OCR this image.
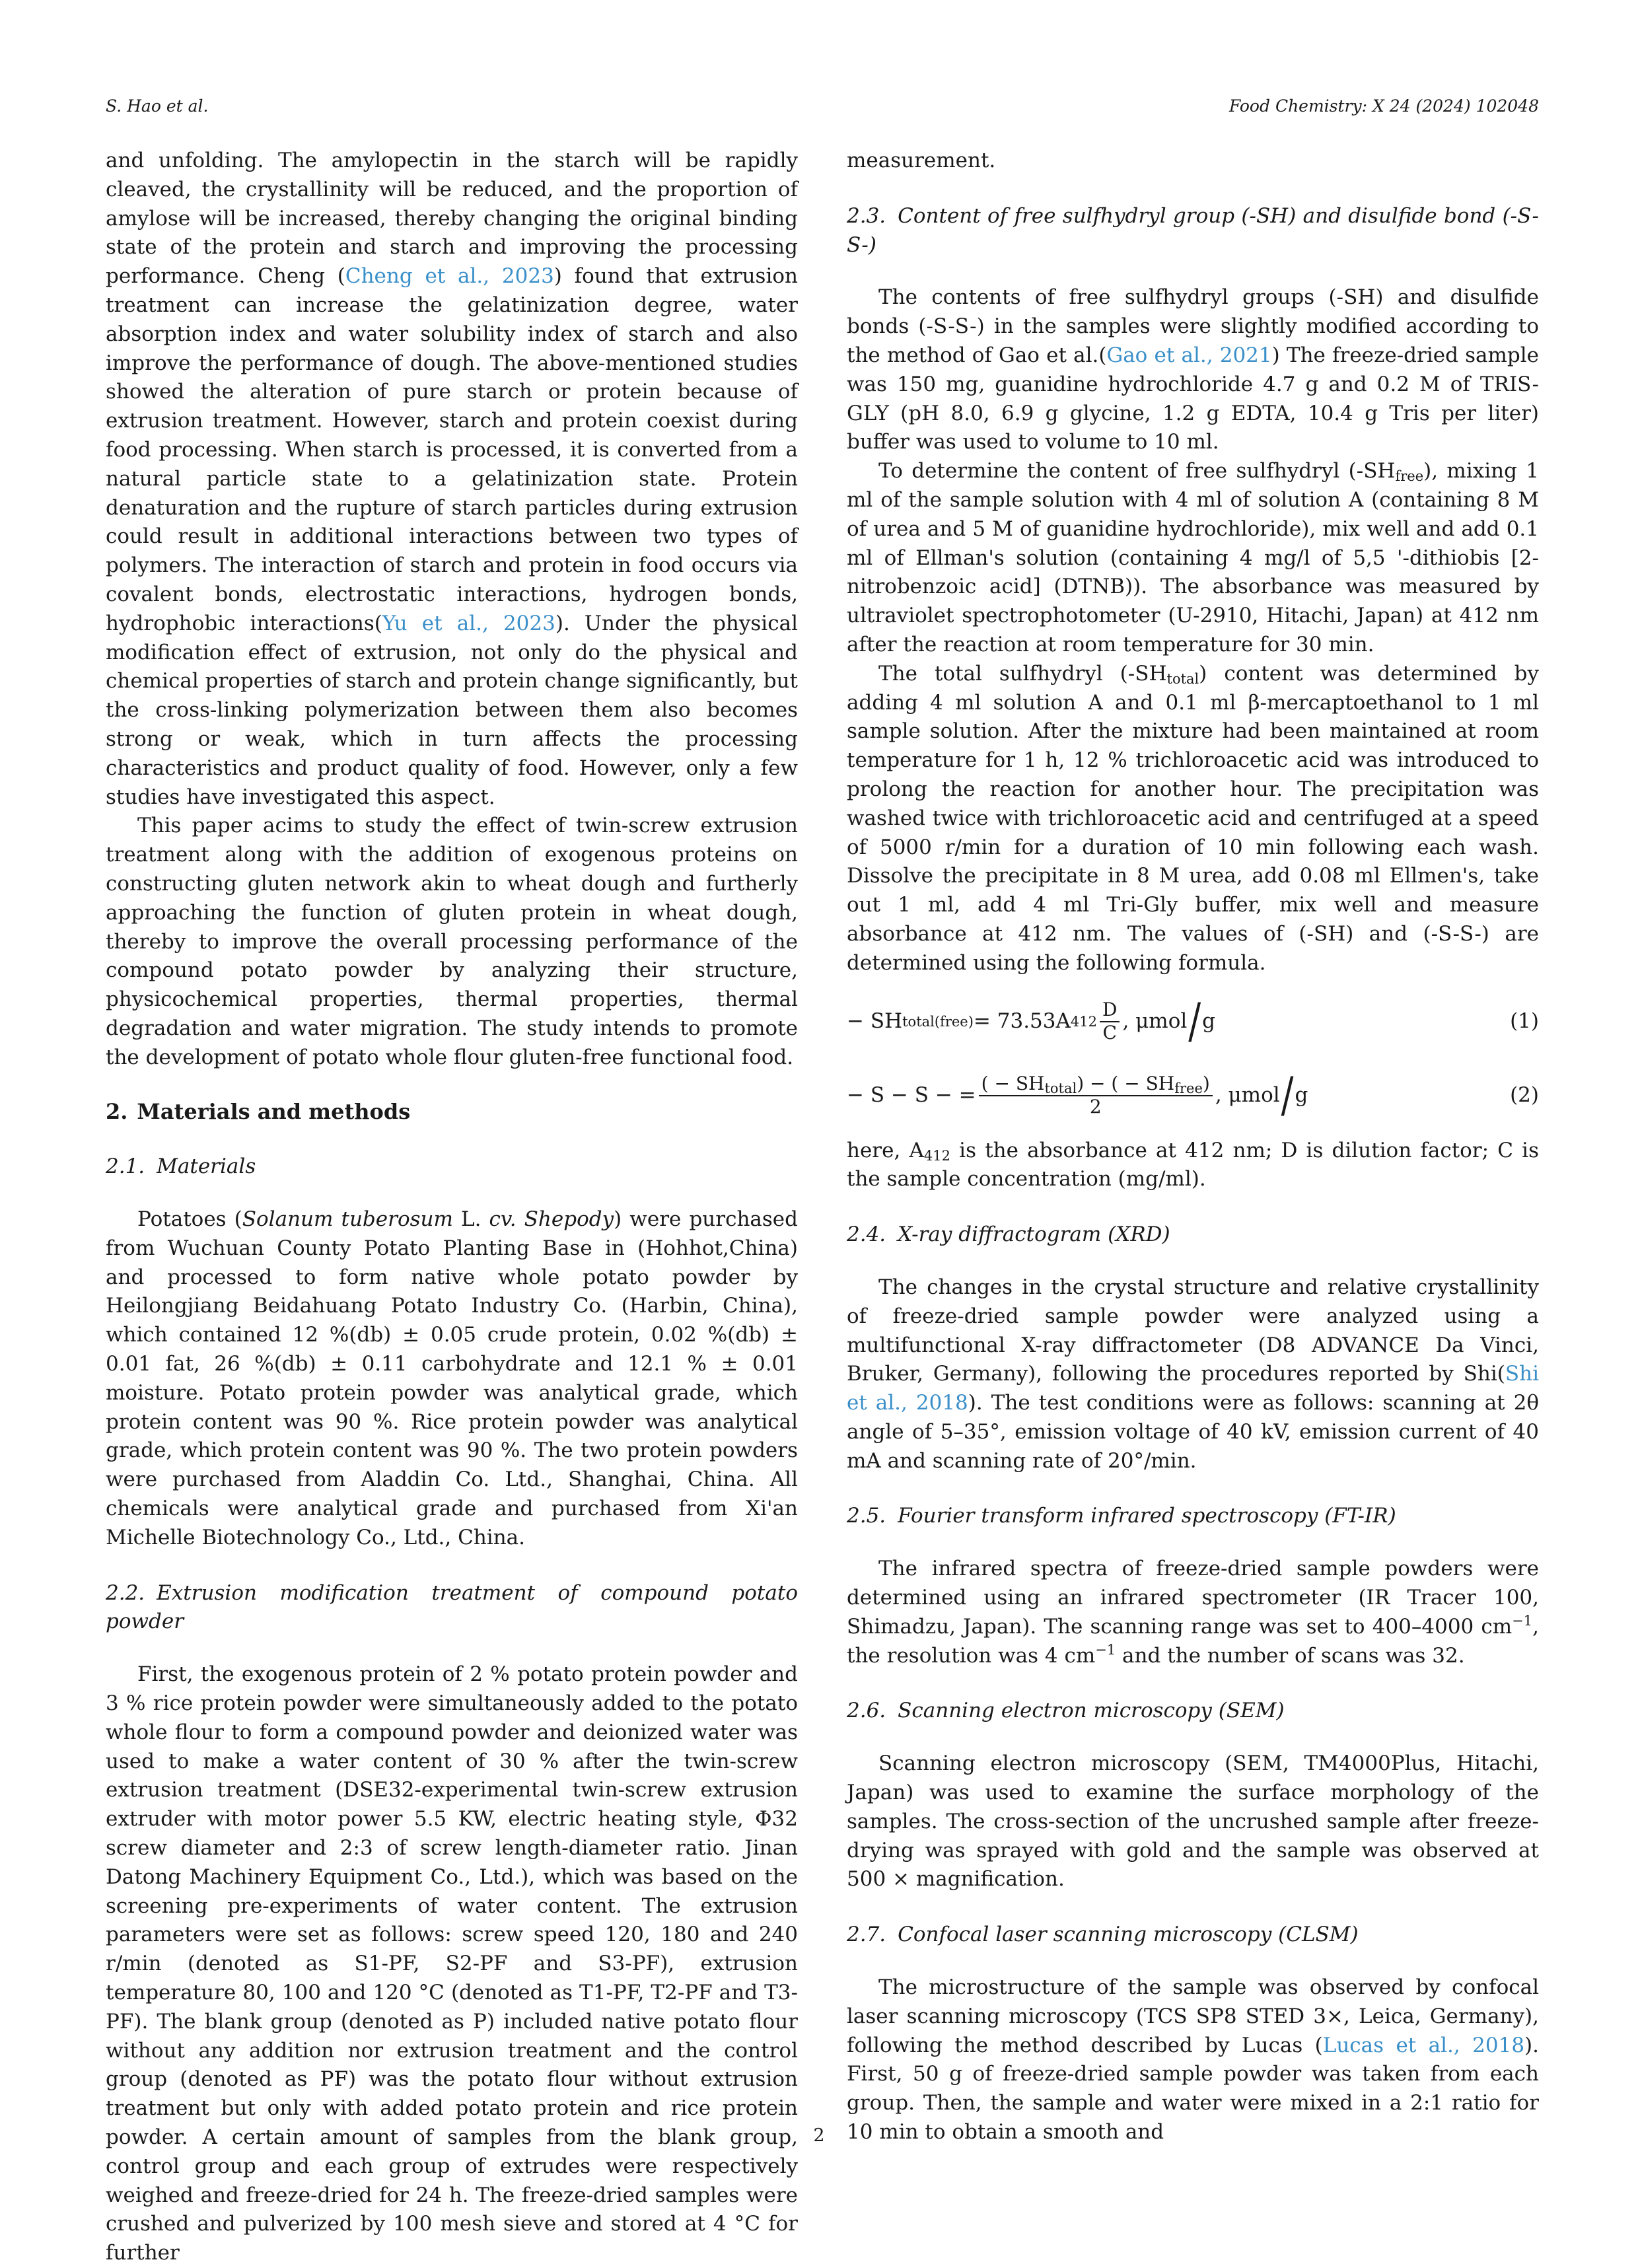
S. Hao et al.	Food Chemistry: X 24 (2024) 102048

and unfolding. The amylopectin in the starch will be rapidly cleaved, the crystallinity will be reduced, and the proportion of amylose will be increased, thereby changing the original binding state of the protein and starch and improving the processing performance. Cheng (Cheng et al., 2023) found that extrusion treatment can increase the gelatinization degree, water absorption index and water solubility index of starch and also improve the performance of dough. The above-mentioned studies showed the alteration of pure starch or protein because of extrusion treatment. However, starch and protein coexist during food processing. When starch is processed, it is converted from a natural particle state to a gelatinization state. Protein denaturation and the rupture of starch particles during extrusion could result in additional interactions between two types of polymers. The interaction of starch and protein in food occurs via covalent bonds, electrostatic interactions, hydrogen bonds, hydrophobic interactions(Yu et al., 2023). Under the physical modification effect of extrusion, not only do the physical and chemical properties of starch and protein change significantly, but the cross-linking polymerization between them also becomes strong or weak, which in turn affects the processing characteristics and product quality of food. However, only a few studies have investigated this aspect.

This paper acims to study the effect of twin-screw extrusion treatment along with the addition of exogenous proteins on constructing gluten network akin to wheat dough and furtherly approaching the function of gluten protein in wheat dough, thereby to improve the overall processing performance of the compound potato powder by analyzing their structure, physicochemical properties, thermal properties, thermal degradation and water migration. The study intends to promote the development of potato whole flour gluten-free functional food.

2. Materials and methods
2.1. Materials

Potatoes (Solanum tuberosum L. cv. Shepody) were purchased from Wuchuan County Potato Planting Base in (Hohhot,China) and processed to form native whole potato powder by Heilongjiang Beidahuang Potato Industry Co. (Harbin, China), which contained 12 %(db) ± 0.05 crude protein, 0.02 %(db) ± 0.01 fat, 26 %(db) ± 0.11 carbohydrate and 12.1 % ± 0.01 moisture. Potato protein powder was analytical grade, which protein content was 90 %. Rice protein powder was analytical grade, which protein content was 90 %. The two protein powders were purchased from Aladdin Co. Ltd., Shanghai, China. All chemicals were analytical grade and purchased from Xi'an Michelle Biotechnology Co., Ltd., China.

2.2. Extrusion modification treatment of compound potato powder

First, the exogenous protein of 2 % potato protein powder and 3 % rice protein powder were simultaneously added to the potato whole flour to form a compound powder and deionized water was used to make a water content of 30 % after the twin-screw extrusion treatment (DSE32-experimental twin-screw extrusion extruder with motor power 5.5 KW, electric heating style, Φ32 screw diameter and 2:3 of screw length-diameter ratio. Jinan Datong Machinery Equipment Co., Ltd.), which was based on the screening pre-experiments of water content. The extrusion parameters were set as follows: screw speed 120, 180 and 240 r/min (denoted as S1-PF, S2-PF and S3-PF), extrusion temperature 80, 100 and 120 °C (denoted as T1-PF, T2-PF and T3-PF). The blank group (denoted as P) included native potato flour without any addition nor extrusion treatment and the control group (denoted as PF) was the potato flour without extrusion treatment but only with added potato protein and rice protein powder. A certain amount of samples from the blank group, control group and each group of extrudes were respectively weighed and freeze-dried for 24 h. The freeze-dried samples were crushed and pulverized by 100 mesh sieve and stored at 4 °C for further

measurement.

2.3. Content of free sulfhydryl group (-SH) and disulfide bond (-S-S-)

The contents of free sulfhydryl groups (-SH) and disulfide bonds (-S-S-) in the samples were slightly modified according to the method of Gao et al.(Gao et al., 2021) The freeze-dried sample was 150 mg, guanidine hydrochloride 4.7 g and 0.2 M of TRIS-GLY (pH 8.0, 6.9 g glycine, 1.2 g EDTA, 10.4 g Tris per liter) buffer was used to volume to 10 ml.

To determine the content of free sulfhydryl $(-SH_{free})$, mixing 1 ml of the sample solution with 4 ml of solution A (containing 8 M of urea and 5 M of guanidine hydrochloride), mix well and add 0.1 ml of Ellman's solution (containing 4 mg/l of 5,5 '-dithiobis [2-nitrobenzoic acid] (DTNB)). The absorbance was measured by ultraviolet spectrophotometer (U-2910, Hitachi, Japan) at 412 nm after the reaction at room temperature for 30 min.

The total sulfhydryl $(-SH_{total})$ content was determined by adding 4 ml solution A and 0.1 ml β-mercaptoethanol to 1 ml sample solution. After the mixture had been maintained at room temperature for 1 h, 12 % trichloroacetic acid was introduced to prolong the reaction for another hour. The precipitation was washed twice with trichloroacetic acid and centrifuged at a speed of 5000 r/min for a duration of 10 min following each wash. Dissolve the precipitate in 8 M urea, add 0.08 ml Ellmen's, take out 1 ml, add 4 ml Tri-Gly buffer, mix well and measure absorbance at 412 nm. The values of (-SH) and (-S-S-) are determined using the following formula.

− SH total(free) = 73.53A $412 \frac{D}{C}$ , μmol / g	(1)
− S − S − = $\frac{( - SH_{total}) - ( - SH_{free})}{2}$ , μmol / g	(2)

here, $A_{412}$ is the absorbance at 412 nm; D is dilution factor; C is the sample concentration (mg/ml).

2.4. X-ray diffractogram (XRD)

The changes in the crystal structure and relative crystallinity of freeze-dried sample powder were analyzed using a multifunctional X-ray diffractometer (D8 ADVANCE Da Vinci, Bruker, Germany), following the procedures reported by Shi(Shi et al., 2018). The test conditions were as follows: scanning at 2θ angle of 5–35°, emission voltage of 40 kV, emission current of 40 mA and scanning rate of 20°/min.

2.5. Fourier transform infrared spectroscopy (FT-IR)

The infrared spectra of freeze-dried sample powders were determined using an infrared spectrometer (IR Tracer 100, Shimadzu, Japan). The scanning range was set to 400–4000 $cm^{-1}$, the resolution was 4 $cm^{-1}$ and the number of scans was 32.

2.6. Scanning electron microscopy (SEM)

Scanning electron microscopy (SEM, TM4000Plus, Hitachi, Japan) was used to examine the surface morphology of the samples. The cross-section of the uncrushed sample after freeze-drying was sprayed with gold and the sample was observed at 500 × magnification.

2.7. Confocal laser scanning microscopy (CLSM)

The microstructure of the sample was observed by confocal laser scanning microscopy (TCS SP8 STED 3×, Leica, Germany), following the method described by Lucas (Lucas et al., 2018). First, 50 g of freeze-dried sample powder was taken from each group. Then, the sample and water were mixed in a 2:1 ratio for 10 min to obtain a smooth and

2
